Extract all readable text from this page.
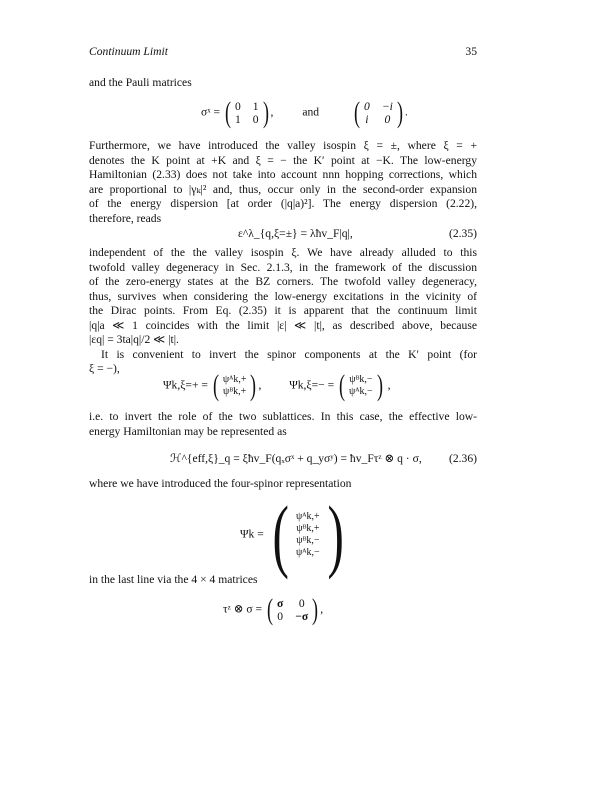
Continuum Limit	35
and the Pauli matrices
σˣ = ( 0 1
1 0 ) , and ( 0 −i
i 0 ) .
Furthermore, we have introduced the valley isospin ξ = ±, where ξ = +
denotes the K point at +K and ξ = − the K′ point at −K. The low-energy
Hamiltonian (2.33) does not take into account nnn hopping corrections, which
are proportional to |γₖ|² and, thus, occur only in the second-order expansion
of the energy dispersion [at order (|q|a)²]. The energy dispersion (2.22),
therefore, reads
ε^λ_{q,ξ=±} = λħv_F|q|,	(2.35)
independent of the the valley isospin ξ. We have already alluded to this
twofold valley degeneracy in Sec. 2.1.3, in the framework of the discussion
of the zero-energy states at the BZ corners. The twofold valley degeneracy,
thus, survives when considering the low-energy excitations in the vicinity of
the Dirac points. From Eq. (2.35) it is apparent that the continuum limit
|q|a ≪ 1 coincides with the limit |ε| ≪ |t|, as described above, because
|εq| = 3ta|q|/2 ≪ |t|.
It is convenient to invert the spinor components at the K′ point (for
ξ = −),
Ψk,ξ=+ = ( ψᴬk,+
ψᴮk,+ ) , Ψk,ξ=− = ( ψᴮk,−
ψᴬk,− ) ,
i.e. to invert the role of the two sublattices. In this case, the effective low-
energy Hamiltonian may be represented as
ℋ^{eff,ξ}_q = ξħv_F(qₓσˣ + q_yσʸ) = ħv_Fτᶻ ⊗ q · σ, (2.36)
where we have introduced the four-spinor representation
Ψk = ( ψᴬk,+
ψᴮk,+
ψᴮk,−
ψᴬk,− )
in the last line via the 4 × 4 matrices
τᶻ ⊗ σ = ( σ	0
0 −σ ) ,
